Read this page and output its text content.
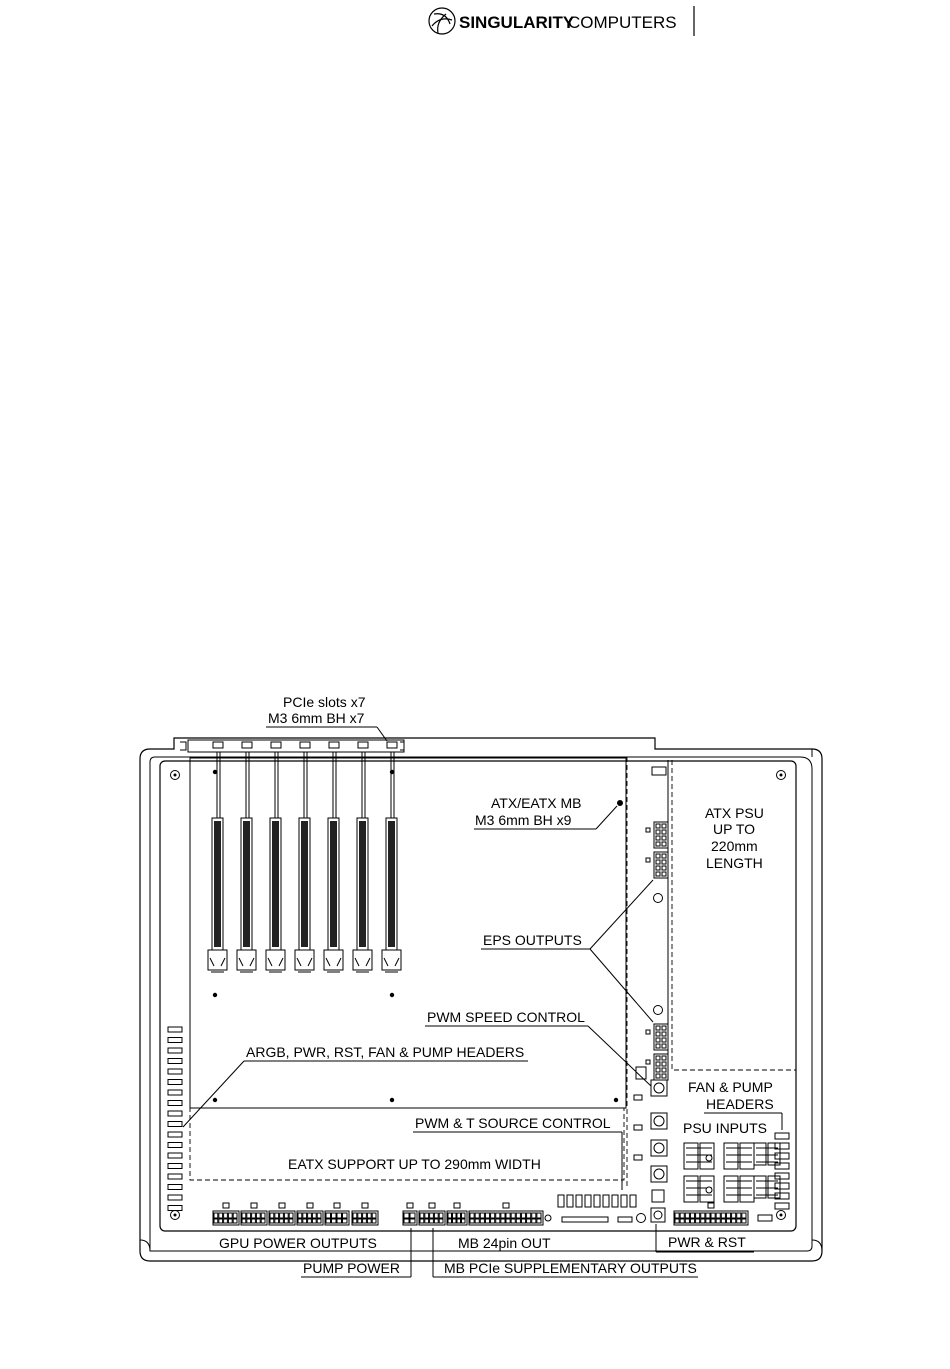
SINGULARITY
COMPUTERS
PCIe slots x7
M3 6mm BH x7
ATX/EATX MB
M3 6mm BH x9	ATX PSU
UP TO
220mm
LENGTH
EPS OUTPUTS
PWM SPEED CONTROL
ARGB, PWR, RST, FAN & PUMP HEADERS
FAN & PUMP
HEADERS
PWM & T SOURCE CONTROL	PSU INPUTS
EATX SUPPORT UP TO 290mm WIDTH
GPU POWER OUTPUTS	MB 24pin OUT	PWR & RST
PUMP POWER	MB PCIe SUPPLEMENTARY OUTPUTS
